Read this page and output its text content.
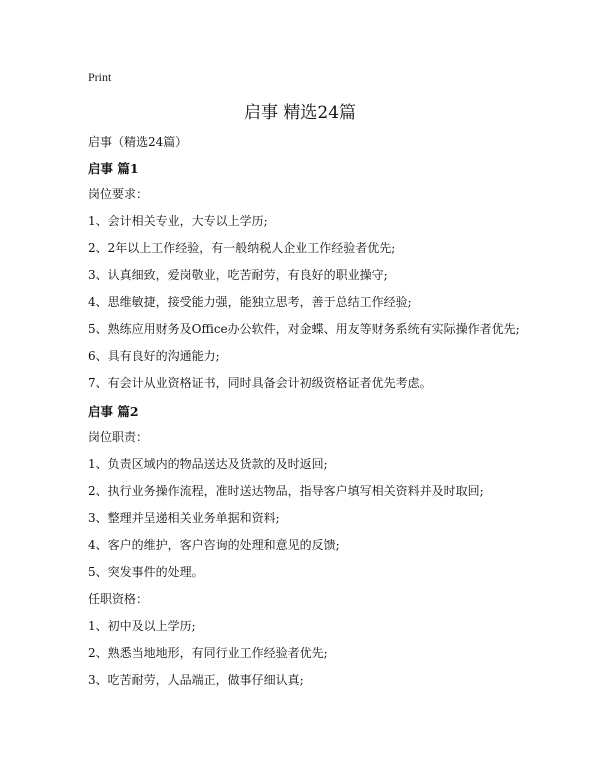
Print
启事 精选24篇
启事（精选24篇）
启事 篇1
岗位要求：
1、会计相关专业，大专以上学历;
2、2年以上工作经验，有一般纳税人企业工作经验者优先;
3、认真细致，爱岗敬业，吃苦耐劳，有良好的职业操守;
4、思维敏捷，接受能力强，能独立思考，善于总结工作经验;
5、熟练应用财务及Office办公软件，对金蝶、用友等财务系统有实际操作者优先;
6、具有良好的沟通能力;
7、有会计从业资格证书，同时具备会计初级资格证者优先考虑。
启事 篇2
岗位职责：
1、负责区域内的物品送达及货款的及时返回;
2、执行业务操作流程，准时送达物品，指导客户填写相关资料并及时取回;
3、整理并呈递相关业务单据和资料;
4、客户的维护，客户咨询的处理和意见的反馈;
5、突发事件的处理。
任职资格：
1、初中及以上学历;
2、熟悉当地地形，有同行业工作经验者优先;
3、吃苦耐劳，人品端正，做事仔细认真;
